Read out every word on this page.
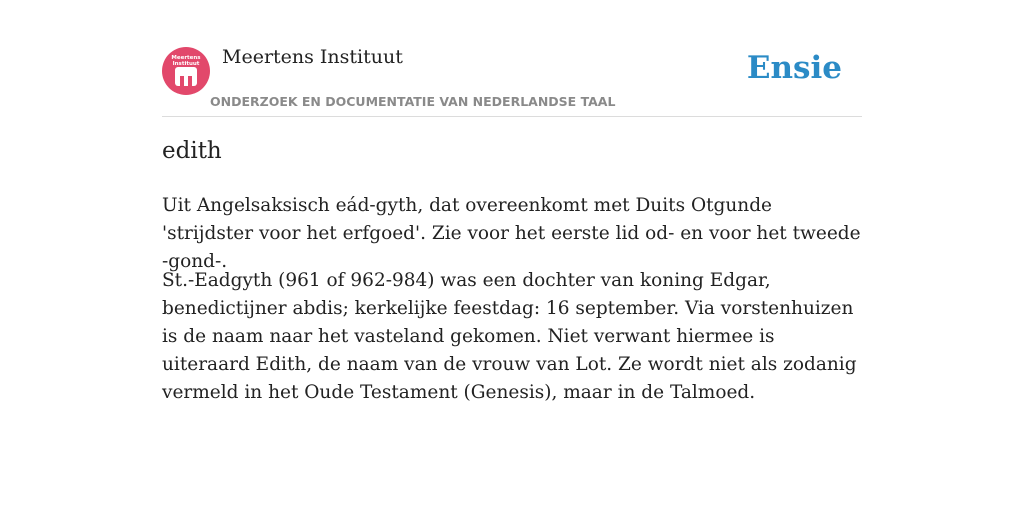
Meertens
Instituut	Meertens Instituut
ONDERZOEK EN DOCUMENTATIE VAN NEDERLANDSE TAAL
Ensie
edith

Uit Angelsaksisch eád-gyth, dat overeenkomt met Duits Otgunde 'strijdster voor het erfgoed'. Zie voor het eerste lid od- en voor het tweede -gond-.

St.-Eadgyth (961 of 962-984) was een dochter van koning Edgar, benedictijner abdis; kerkelijke feestdag: 16 september. Via vorstenhuizen is de naam naar het vasteland gekomen. Niet verwant hiermee is uiteraard Edith, de naam van de vrouw van Lot. Ze wordt niet als zodanig vermeld in het Oude Testament (Genesis), maar in de Talmoed.
